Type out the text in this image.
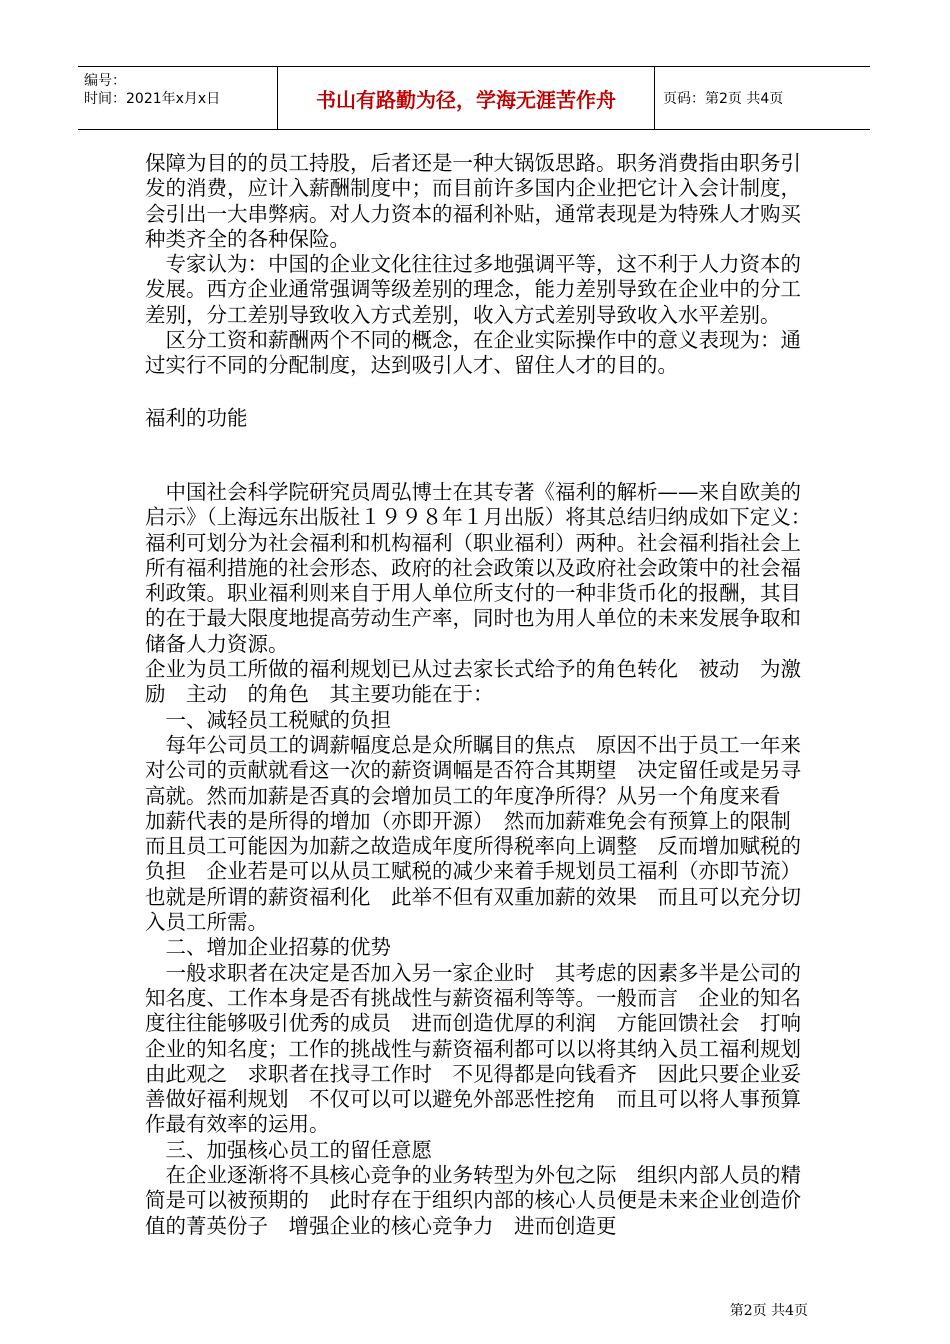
编号：
时间：2021年x月x日	书山有路勤为径，学海无涯苦作舟	页码：第2页 共4页

保障为目的的员工持股，后者还是一种大锅饭思路。职务消费指由职务引发的消费，应计入薪酬制度中；而目前许多国内企业把它计入会计制度，会引出一大串弊病。对人力资本的福利补贴，通常表现是为特殊人才购买种类齐全的各种保险。

　专家认为：中国的企业文化往往过多地强调平等，这不利于人力资本的发展。西方企业通常强调等级差别的理念，能力差别导致在企业中的分工差别，分工差别导致收入方式差别，收入方式差别导致收入水平差别。

　区分工资和薪酬两个不同的概念，在企业实际操作中的意义表现为：通过实行不同的分配制度，达到吸引人才、留住人才的目的。

福利的功能

　中国社会科学院研究员周弘博士在其专著《福利的解析——来自欧美的启示》（上海远东出版社１９９８年１月出版）将其总结归纳成如下定义：福利可划分为社会福利和机构福利（职业福利）两种。社会福利指社会上所有福利措施的社会形态、政府的社会政策以及政府社会政策中的社会福利政策。职业福利则来自于用人单位所支付的一种非货币化的报酬，其目的在于最大限度地提高劳动生产率，同时也为用人单位的未来发展争取和储备人力资源。

企业为员工所做的福利规划已从过去家长式给予的角色转化　被动　为激励　主动　的角色　其主要功能在于：

　一、减轻员工税赋的负担

　每年公司员工的调薪幅度总是众所瞩目的焦点　原因不出于员工一年来对公司的贡献就看这一次的薪资调幅是否符合其期望　决定留任或是另寻高就。然而加薪是否真的会增加员工的年度净所得？从另一个角度来看　加薪代表的是所得的增加（亦即开源）　然而加薪难免会有预算上的限制　而且员工可能因为加薪之故造成年度所得税率向上调整　反而增加赋税的负担　企业若是可以从员工赋税的减少来着手规划员工福利（亦即节流）　也就是所谓的薪资福利化　此举不但有双重加薪的效果　而且可以充分切入员工所需。

　二、增加企业招募的优势

　一般求职者在决定是否加入另一家企业时　其考虑的因素多半是公司的知名度、工作本身是否有挑战性与薪资福利等等。一般而言　企业的知名度往往能够吸引优秀的成员　进而创造优厚的利润　方能回馈社会　打响企业的知名度；工作的挑战性与薪资福利都可以以将其纳入员工福利规划　由此观之　求职者在找寻工作时　不见得都是向钱看齐　因此只要企业妥善做好福利规划　不仅可以可以避免外部恶性挖角　而且可以将人事预算作最有效率的运用。

　三、加强核心员工的留任意愿

　在企业逐渐将不具核心竞争的业务转型为外包之际　组织内部人员的精简是可以被预期的　此时存在于组织内部的核心人员便是未来企业创造价值的菁英份子　增强企业的核心竞争力　进而创造更

第2页 共4页
